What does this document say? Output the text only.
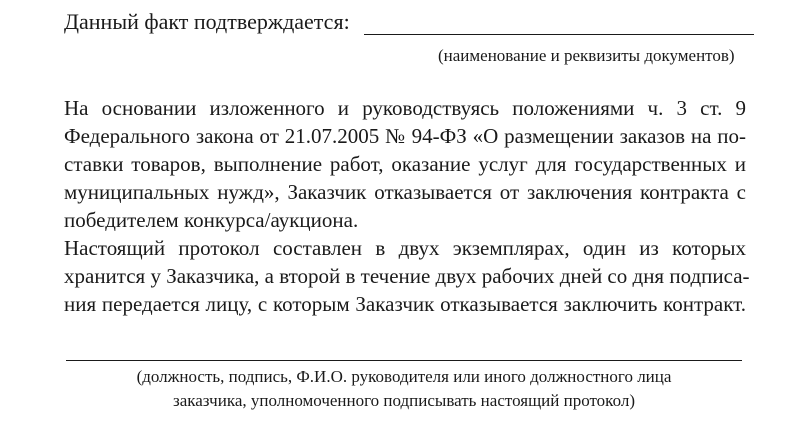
Данный факт подтверждается:
(наименование и реквизиты документов)
На основании изложенного и руководствуясь положениями ч. 3 ст. 9
Федерального закона от 21.07.2005 № 94-ФЗ «О размещении заказов на по-
ставки товаров, выполнение работ, оказание услуг для государственных и
муниципальных нужд», Заказчик отказывается от заключения контракта с
победителем конкурса/аукциона.
Настоящий протокол составлен в двух экземплярах, один из которых
хранится у Заказчика, а второй в течение двух рабочих дней со дня подписа-
ния передается лицу, с которым Заказчик отказывается заключить контракт.
(должность, подпись, Ф.И.О. руководителя или иного должностного лица
заказчика, уполномоченного подписывать настоящий протокол)
